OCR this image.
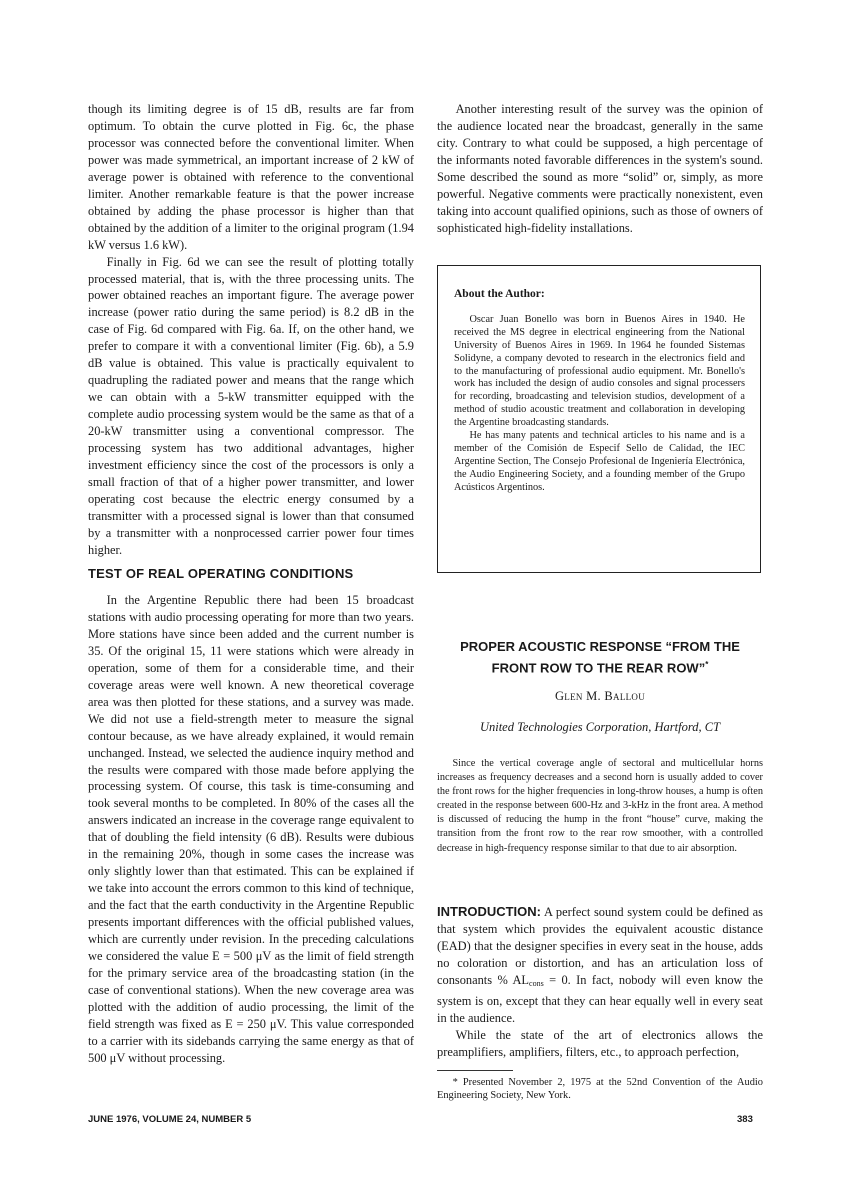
though its limiting degree is of 15 dB, results are far from optimum. To obtain the curve plotted in Fig. 6c, the phase processor was connected before the conventional limiter. When power was made symmetrical, an important increase of 2 kW of average power is obtained with reference to the conventional limiter. Another remarkable feature is that the power increase obtained by adding the phase processor is higher than that obtained by the addition of a limiter to the original program (1.94 kW versus 1.6 kW).

Finally in Fig. 6d we can see the result of plotting totally processed material, that is, with the three processing units. The power obtained reaches an important figure. The average power increase (power ratio during the same period) is 8.2 dB in the case of Fig. 6d compared with Fig. 6a. If, on the other hand, we prefer to compare it with a conventional limiter (Fig. 6b), a 5.9 dB value is obtained. This value is practically equivalent to quadrupling the radiated power and means that the range which we can obtain with a 5-kW transmitter equipped with the complete audio processing system would be the same as that of a 20-kW transmitter using a conventional compressor. The processing system has two additional advantages, higher investment efficiency since the cost of the processors is only a small fraction of that of a higher power transmitter, and lower operating cost because the electric energy consumed by a transmitter with a processed signal is lower than that consumed by a transmitter with a nonprocessed carrier power four times higher.

TEST OF REAL OPERATING CONDITIONS

In the Argentine Republic there had been 15 broadcast stations with audio processing operating for more than two years. More stations have since been added and the current number is 35. Of the original 15, 11 were stations which were already in operation, some of them for a considerable time, and their coverage areas were well known. A new theoretical coverage area was then plotted for these stations, and a survey was made. We did not use a field-strength meter to measure the signal contour because, as we have already explained, it would remain unchanged. Instead, we selected the audience inquiry method and the results were compared with those made before applying the processing system. Of course, this task is time-consuming and took several months to be completed. In 80% of the cases all the answers indicated an increase in the coverage range equivalent to that of doubling the field intensity (6 dB). Results were dubious in the remaining 20%, though in some cases the increase was only slightly lower than that estimated. This can be explained if we take into account the errors common to this kind of technique, and the fact that the earth conductivity in the Argentine Republic presents important differences with the official published values, which are currently under revision. In the preceding calculations we considered the value E = 500 μV as the limit of field strength for the primary service area of the broadcasting station (in the case of conventional stations). When the new coverage area was plotted with the addition of audio processing, the limit of the field strength was fixed as E = 250 μV. This value corresponded to a carrier with its sidebands carrying the same energy as that of 500 μV without processing.

Another interesting result of the survey was the opinion of the audience located near the broadcast, generally in the same city. Contrary to what could be supposed, a high percentage of the informants noted favorable differences in the system's sound. Some described the sound as more “solid” or, simply, as more powerful. Negative comments were practically nonexistent, even taking into account qualified opinions, such as those of owners of sophisticated high-fidelity installations.

About the Author:

Oscar Juan Bonello was born in Buenos Aires in 1940. He received the MS degree in electrical engineering from the National University of Buenos Aires in 1969. In 1964 he founded Sistemas Solidyne, a company devoted to research in the electronics field and to the manufacturing of professional audio equipment. Mr. Bonello's work has included the design of audio consoles and signal processers for recording, broadcasting and television studios, development of a method of studio acoustic treatment and collaboration in developing the Argentine broadcasting standards.

He has many patents and technical articles to his name and is a member of the Comisión de Especif Sello de Calidad, the IEC Argentine Section, The Consejo Profesional de Ingeniería Electrónica, the Audio Engineering Society, and a founding member of the Grupo Acústicos Argentinos.

PROPER ACOUSTIC RESPONSE “FROM THE
FRONT ROW TO THE REAR ROW”*
Glen M. Ballou
United Technologies Corporation, Hartford, CT

Since the vertical coverage angle of sectoral and multicellular horns increases as frequency decreases and a second horn is usually added to cover the front rows for the higher frequencies in long-throw houses, a hump is often created in the response between 600-Hz and 3-kHz in the front area. A method is discussed of reducing the hump in the front “house” curve, making the transition from the front row to the rear row smoother, with a controlled decrease in high-frequency response similar to that due to air absorption.

INTRODUCTION: A perfect sound system could be defined as that system which provides the equivalent acoustic distance (EAD) that the designer specifies in every seat in the house, adds no coloration or distortion, and has an articulation loss of consonants % $AL_{cons} = 0$. In fact, nobody will even know the system is on, except that they can hear equally well in every seat in the audience.

While the state of the art of electronics allows the preamplifiers, amplifiers, filters, etc., to approach perfection,

* Presented November 2, 1975 at the 52nd Convention of the Audio Engineering Society, New York.

JUNE 1976, VOLUME 24, NUMBER 5	383
